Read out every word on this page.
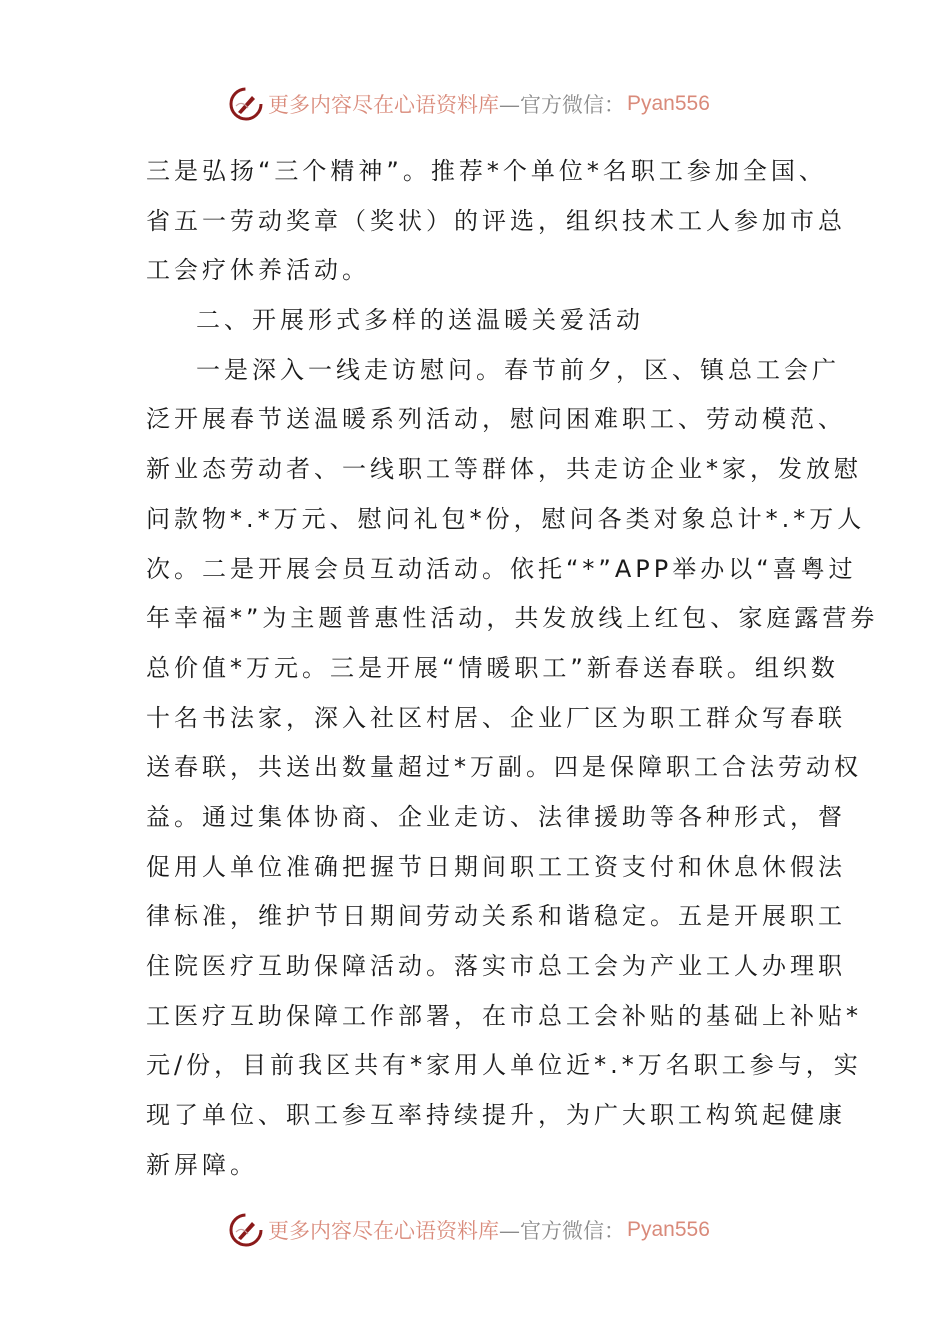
更多内容尽在心语资料库 —官方微信： Pyan556
三是弘扬“三个精神”。推荐*个单位*名职工参加全国、
省五一劳动奖章（奖状）的评选，组织技术工人参加市总
工会疗休养活动。
二、开展形式多样的送温暖关爱活动
一是深入一线走访慰问。春节前夕，区、镇总工会广
泛开展春节送温暖系列活动，慰问困难职工、劳动模范、
新业态劳动者、一线职工等群体，共走访企业*家，发放慰
问款物*.*万元、慰问礼包*份，慰问各类对象总计*.*万人
次。二是开展会员互动活动。依托“*”APP举办以“喜粤过
年幸福*”为主题普惠性活动，共发放线上红包、家庭露营券
总价值*万元。三是开展“情暖职工”新春送春联。组织数
十名书法家，深入社区村居、企业厂区为职工群众写春联
送春联，共送出数量超过*万副。四是保障职工合法劳动权
益。通过集体协商、企业走访、法律援助等各种形式，督
促用人单位准确把握节日期间职工工资支付和休息休假法
律标准，维护节日期间劳动关系和谐稳定。五是开展职工
住院医疗互助保障活动。落实市总工会为产业工人办理职
工医疗互助保障工作部署，在市总工会补贴的基础上补贴*
元/份，目前我区共有*家用人单位近*.*万名职工参与，实
现了单位、职工参互率持续提升，为广大职工构筑起健康
新屏障。
更多内容尽在心语资料库 —官方微信： Pyan556
